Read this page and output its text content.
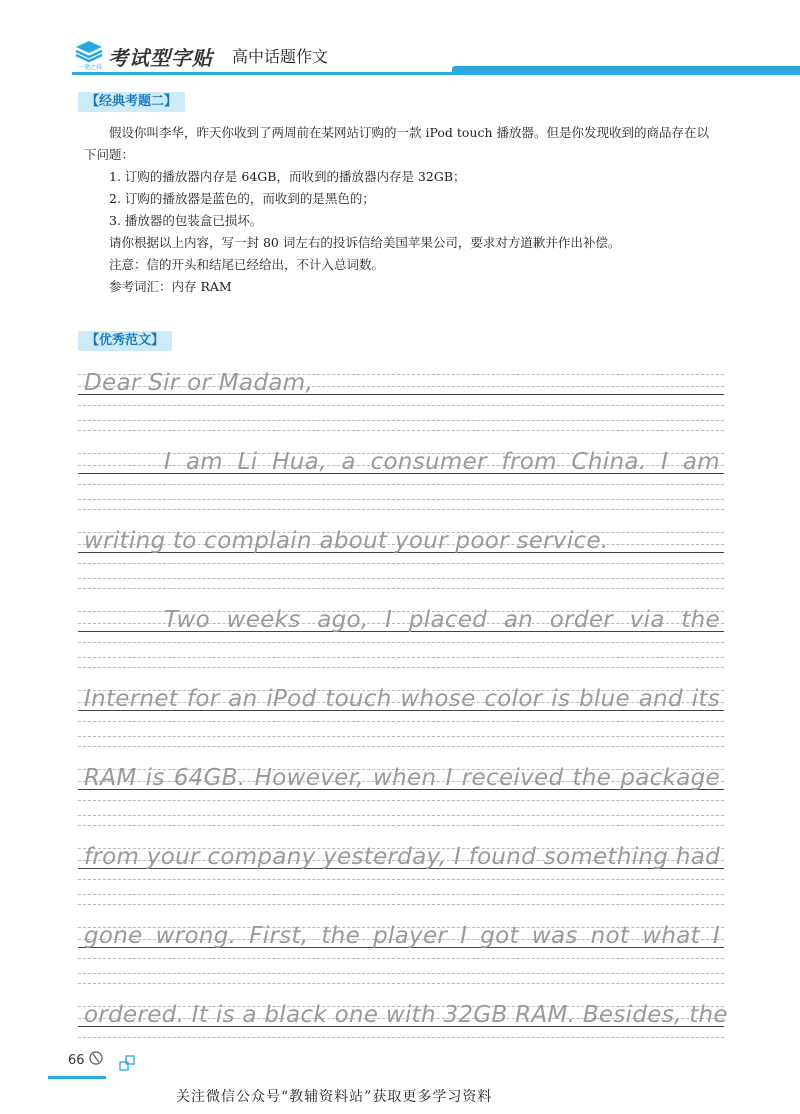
一笔之技 考试型字贴 高中话题作文
【经典考题二】

假设你叫李华，昨天你收到了两周前在某网站订购的一款 iPod touch 播放器。但是你发现收到的商品存在以下问题：

1. 订购的播放器内存是 64GB，而收到的播放器内存是 32GB；

2. 订购的播放器是蓝色的，而收到的是黑色的；

3. 播放器的包装盒已损坏。

请你根据以上内容，写一封 80 词左右的投诉信给美国苹果公司，要求对方道歉并作出补偿。

注意：信的开头和结尾已经给出，不计入总词数。

参考词汇：内存 RAM

【优秀范文】
Dear Sir or Madam,
I am Li Hua, a consumer from China. I am
writing to complain about your poor service.
Two weeks ago, I placed an order via the
Internet for an iPod touch whose color is blue and its
RAM is 64GB. However, when I received the package
from your company yesterday, I found something had
gone wrong. First, the player I got was not what I
ordered. It is a black one with 32GB RAM. Besides, the
66
关注微信公众号“教辅资料站”获取更多学习资料
